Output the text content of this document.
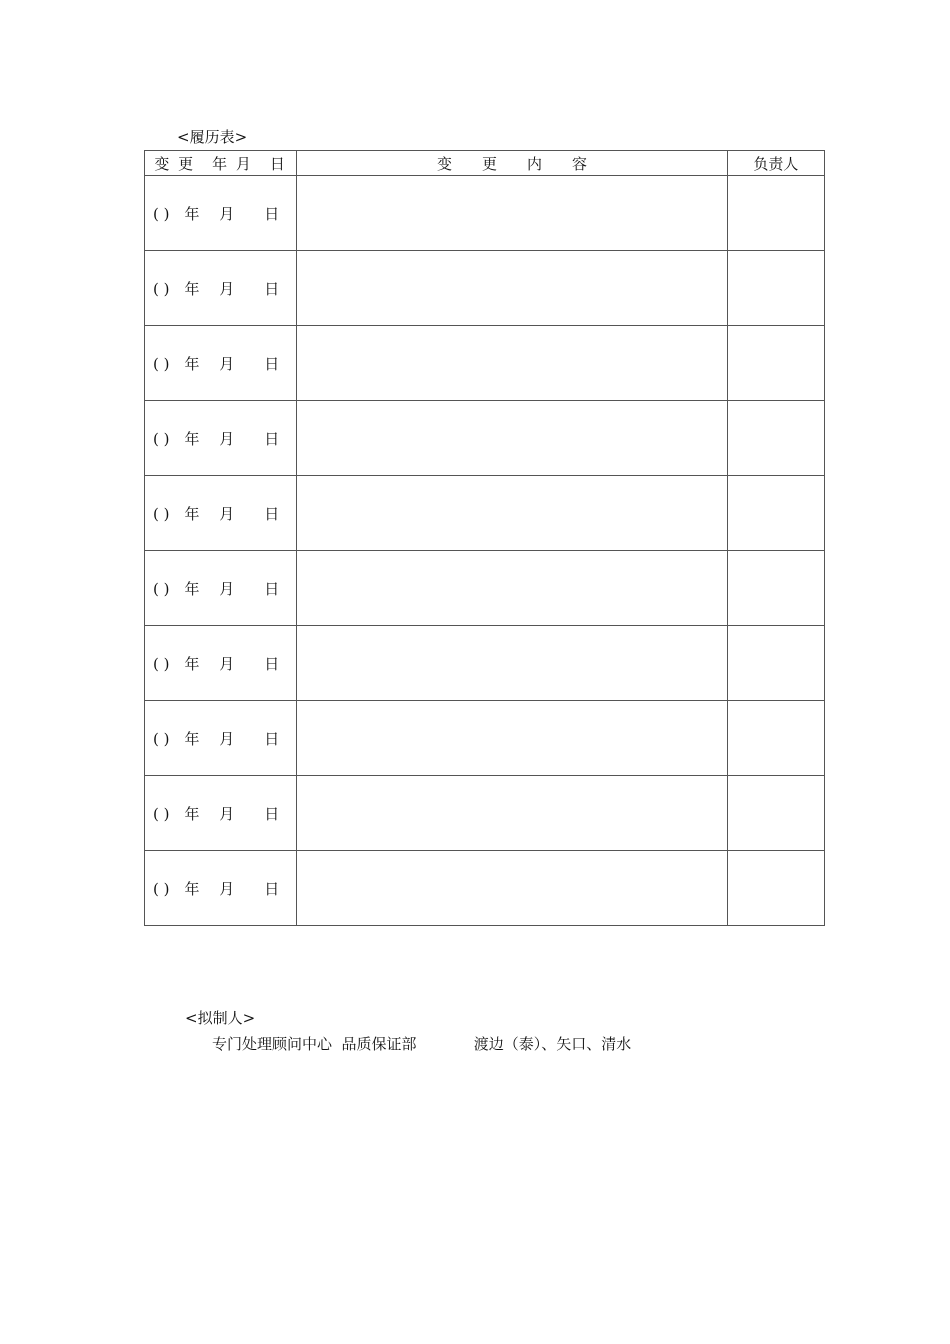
<履历表>
变 更　年 月　日	变　　更　　内　　容	负责人
( )　年　 月　　日		
( )　年　 月　　日		
( )　年　 月　　日		
( )　年　 月　　日		
( )　年　 月　　日		
( )　年　 月　　日		
( )　年　 月　　日		
( )　年　 月　　日		
( )　年　 月　　日		
( )　年　 月　　日		
<拟制人>
专门处理顾问中心  品质保证部	渡边（泰）、矢口、清水
